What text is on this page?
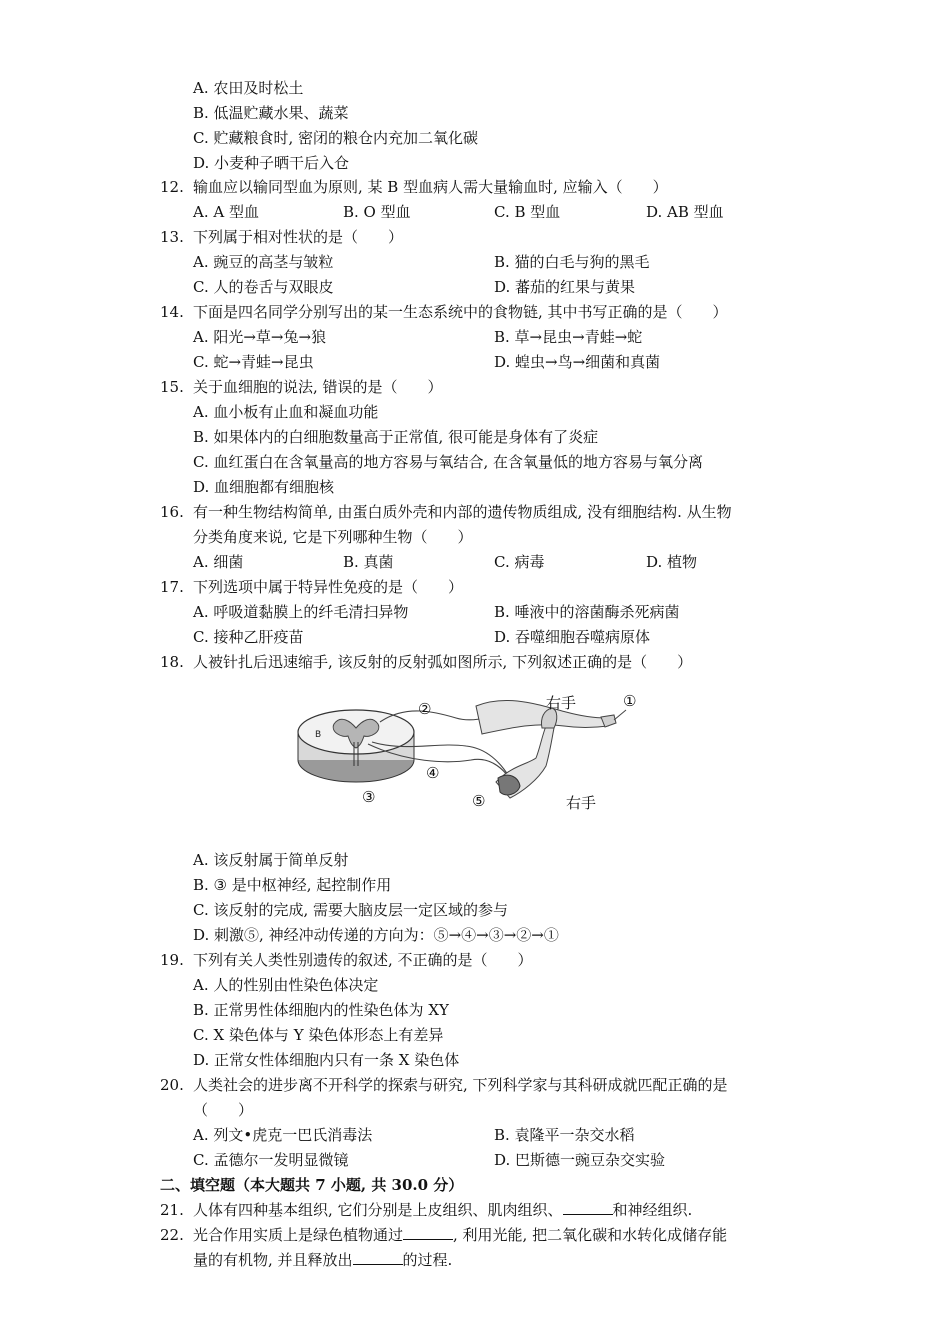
A. 农田及时松土
B. 低温贮藏水果、蔬菜
C. 贮藏粮食时, 密闭的粮仓内充加二氧化碳
D. 小麦种子晒干后入仓
12. 输血应以输同型血为原则, 某 B 型血病人需大量输血时, 应输入（　　）
A. A 型血	B. O 型血	C. B 型血	D. AB 型血
13. 下列属于相对性状的是（　　）
A. 豌豆的高茎与皱粒	B. 猫的白毛与狗的黑毛
C. 人的卷舌与双眼皮	D. 蕃茄的红果与黄果
14. 下面是四名同学分别写出的某一生态系统中的食物链, 其中书写正确的是（　　）
A. 阳光→草→兔→狼	B. 草→昆虫→青蛙→蛇
C. 蛇→青蛙→昆虫	D. 蝗虫→鸟→细菌和真菌
15. 关于血细胞的说法, 错误的是（　　）
A. 血小板有止血和凝血功能
B. 如果体内的白细胞数量高于正常值, 很可能是身体有了炎症
C. 血红蛋白在含氧量高的地方容易与氧结合, 在含氧量低的地方容易与氧分离
D. 血细胞都有细胞核
16. 有一种生物结构简单, 由蛋白质外壳和内部的遗传物质组成, 没有细胞结构. 从生物
分类角度来说, 它是下列哪种生物（　　）
A. 细菌	B. 真菌	C. 病毒	D. 植物
17. 下列选项中属于特异性免疫的是（　　）
A. 呼吸道黏膜上的纤毛清扫异物	B. 唾液中的溶菌酶杀死病菌
C. 接种乙肝疫苗	D. 吞噬细胞吞噬病原体
18. 人被针扎后迅速缩手, 该反射的反射弧如图所示, 下列叙述正确的是（　　）
B
右手
右手
①
②
③
④
⑤
A. 该反射属于简单反射
B. ③ 是中枢神经, 起控制作用
C. 该反射的完成, 需要大脑皮层一定区域的参与
D. 刺激⑤, 神经冲动传递的方向为：⑤→④→③→②→①
19. 下列有关人类性别遗传的叙述, 不正确的是（　　）
A. 人的性别由性染色体决定
B. 正常男性体细胞内的性染色体为 XY
C. X 染色体与 Y 染色体形态上有差异
D. 正常女性体细胞内只有一条 X 染色体
20. 人类社会的进步离不开科学的探索与研究, 下列科学家与其科研成就匹配正确的是
（　　）
A. 列文•虎克一巴氏消毒法	B. 袁隆平一杂交水稻
C. 孟德尔一发明显微镜	D. 巴斯德一豌豆杂交实验
二、填空题（本大题共 7 小题, 共 30.0 分）
21. 人体有四种基本组织, 它们分别是上皮组织、肌肉组织、	和神经组织.
22. 光合作用实质上是绿色植物通过	, 利用光能, 把二氧化碳和水转化成储存能
量的有机物, 并且释放出	的过程.
